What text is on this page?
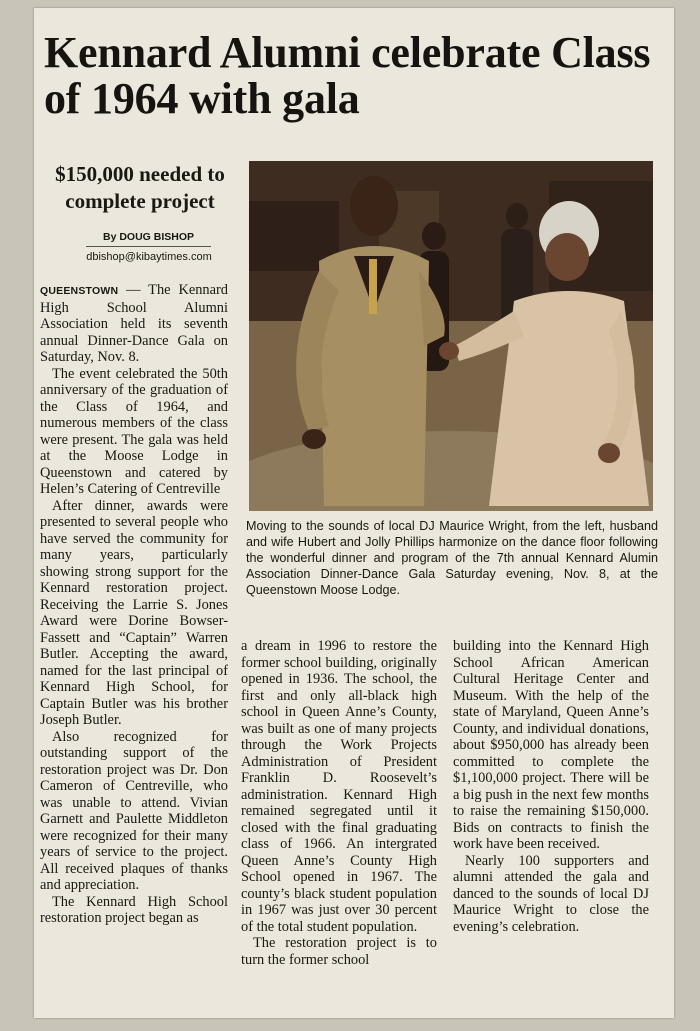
Kennard Alumni celebrate Class of 1964 with gala
$150,000 needed to complete project
By DOUG BISHOP
dbishop@kibaytimes.com

QUEENSTOWN — The Kennard High School Alumni Association held its seventh annual Dinner-Dance Gala on Saturday, Nov. 8.

The event celebrated the 50th anniversary of the graduation of the Class of 1964, and numerous members of the class were present. The gala was held at the Moose Lodge in Queenstown and catered by Helen’s Catering of Centreville

After dinner, awards were presented to several people who have served the community for many years, particularly showing strong support for the Kennard restoration project. Receiving the Larrie S. Jones Award were Dorine Bowser-Fassett and “Captain” Warren Butler. Accepting the award, named for the last principal of Kennard High School, for Captain Butler was his brother Joseph Butler.

Also recognized for outstanding support of the restoration project was Dr. Don Cameron of Centreville, who was unable to attend. Vivian Garnett and Paulette Middleton were recognized for their many years of service to the project. All received plaques of thanks and appreciation.

The Kennard High School restoration project began as

Moving to the sounds of local DJ Maurice Wright, from the left, husband and wife Hubert and Jolly Phillips harmonize on the dance floor following the wonderful dinner and program of the 7th annual Kennard Alumin Association Dinner-Dance Gala Saturday evening, Nov. 8, at the Queenstown Moose Lodge.

a dream in 1996 to restore the former school building, originally opened in 1936. The school, the first and only all-black high school in Queen Anne’s County, was built as one of many projects through the Work Projects Administration of President Franklin D. Roosevelt’s administration. Kennard High remained segregated until it closed with the final graduating class of 1966. An intergrated Queen Anne’s County High School opened in 1967. The county’s black student population in 1967 was just over 30 percent of the total student population.

The restoration project is to turn the former school

building into the Kennard High School African American Cultural Heritage Center and Museum. With the help of the state of Maryland, Queen Anne’s County, and individual donations, about $950,000 has already been committed to complete the $1,100,000 project. There will be a big push in the next few months to raise the remaining $150,000. Bids on contracts to finish the work have been received.

Nearly 100 supporters and alumni attended the gala and danced to the sounds of local DJ Maurice Wright to close the evening’s celebration.
